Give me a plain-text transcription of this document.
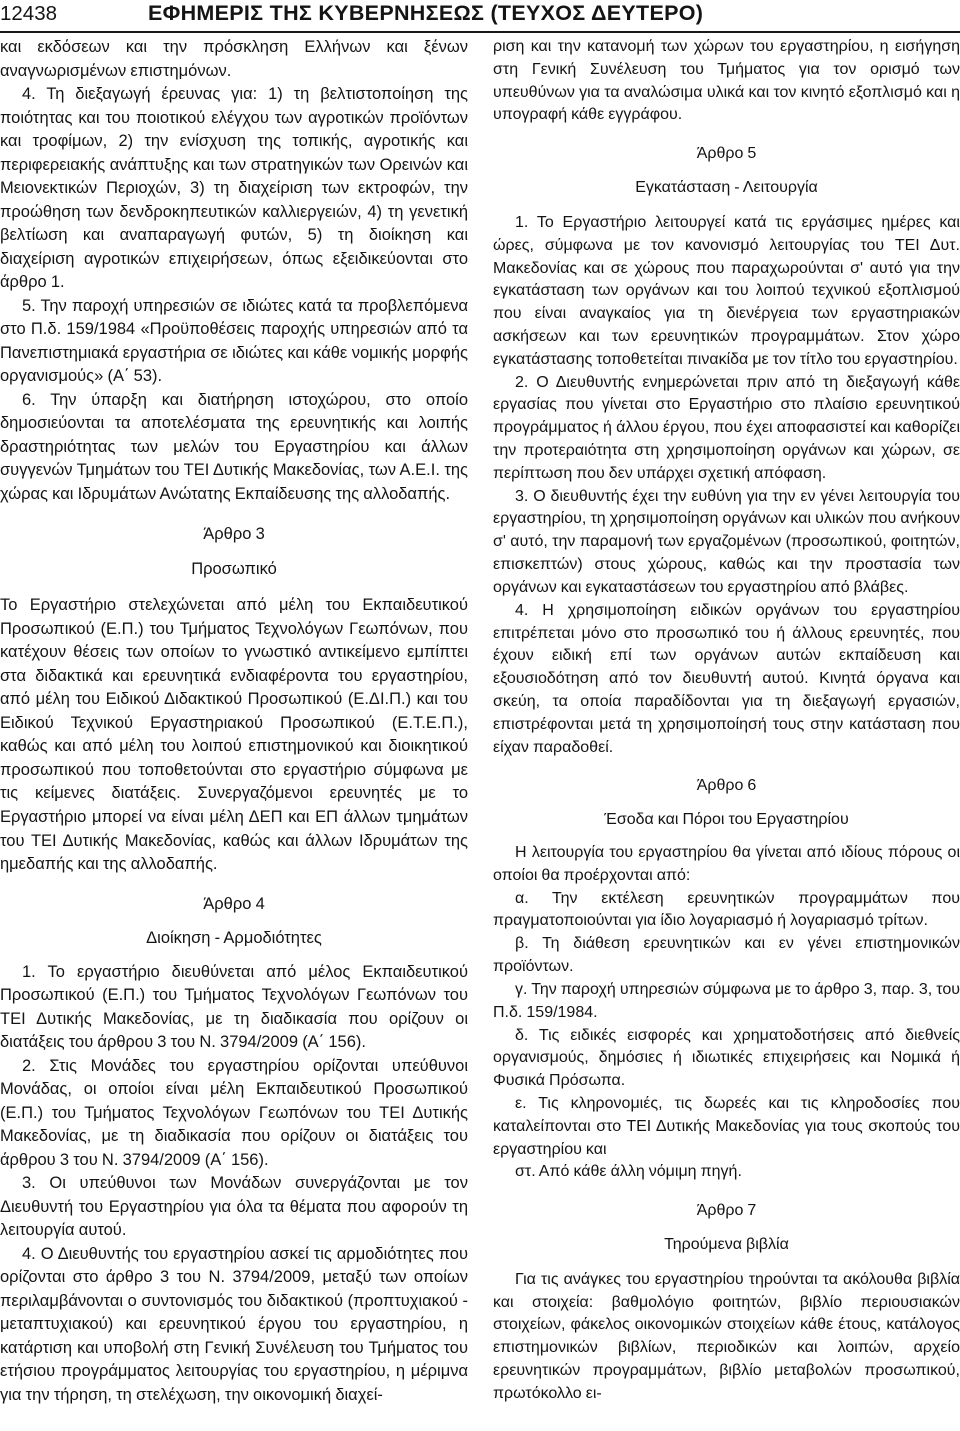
12438	ΕΦΗΜΕΡΙΣ ΤΗΣ ΚΥΒΕΡΝΗΣΕΩΣ (ΤΕΥΧΟΣ ΔΕΥΤΕΡΟ)

και εκδόσεων και την πρόσκληση Ελλήνων και ξένων αναγνωρισμένων επιστημόνων.

4. Τη διεξαγωγή έρευνας για: 1) τη βελτιστοποίηση της ποιότητας και του ποιοτικού ελέγχου των αγροτικών προϊόντων και τροφίμων, 2) την ενίσχυση της τοπικής, αγροτικής και περιφερειακής ανάπτυξης και των στρατηγικών των Ορεινών και Μειονεκτικών Περιοχών, 3) τη διαχείριση των εκτροφών, την προώθηση των δενδροκηπευτικών καλλιεργειών, 4) τη γενετική βελτίωση και αναπαραγωγή φυτών, 5) τη διοίκηση και διαχείριση αγροτικών επιχειρήσεων, όπως εξειδικεύονται στο άρθρο 1.

5. Την παροχή υπηρεσιών σε ιδιώτες κατά τα προβλεπόμενα στο Π.δ. 159/1984 «Προϋποθέσεις παροχής υπηρεσιών από τα Πανεπιστημιακά εργαστήρια σε ιδιώτες και κάθε νομικής μορφής οργανισμούς» (Α΄ 53).

6. Την ύπαρξη και διατήρηση ιστοχώρου, στο οποίο δημοσιεύονται τα αποτελέσματα της ερευνητικής και λοιπής δραστηριότητας των μελών του Εργαστηρίου και άλλων συγγενών Τμημάτων του ΤΕΙ Δυτικής Μακεδονίας, των Α.Ε.Ι. της χώρας και Ιδρυμάτων Ανώτατης Εκπαίδευσης της αλλοδαπής.

Άρθρο 3

Προσωπικό

Το Εργαστήριο στελεχώνεται από μέλη του Εκπαιδευτικού Προσωπικού (Ε.Π.) του Τμήματος Τεχνολόγων Γεωπόνων, που κατέχουν θέσεις των οποίων το γνωστικό αντικείμενο εμπίπτει στα διδακτικά και ερευνητικά ενδιαφέροντα του εργαστηρίου, από μέλη του Ειδικού Διδακτικού Προσωπικού (Ε.ΔΙ.Π.) και του Ειδικού Τεχνικού Εργαστηριακού Προσωπικού (Ε.Τ.Ε.Π.), καθώς και από μέλη του λοιπού επιστημονικού και διοικητικού προσωπικού που τοποθετούνται στο εργαστήριο σύμφωνα με τις κείμενες διατάξεις. Συνεργαζόμενοι ερευνητές με το Εργαστήριο μπορεί να είναι μέλη ΔΕΠ και ΕΠ άλλων τμημάτων του ΤΕΙ Δυτικής Μακεδονίας, καθώς και άλλων Ιδρυμάτων της ημεδαπής και της αλλοδαπής.

Άρθρο 4

Διοίκηση - Αρμοδιότητες

1. Το εργαστήριο διευθύνεται από μέλος Εκπαιδευτικού Προσωπικού (Ε.Π.) του Τμήματος Τεχνολόγων Γεωπόνων του ΤΕΙ Δυτικής Μακεδονίας, με τη διαδικασία που ορίζουν οι διατάξεις του άρθρου 3 του Ν. 3794/2009 (Α΄ 156).

2. Στις Μονάδες του εργαστηρίου ορίζονται υπεύθυνοι Μονάδας, οι οποίοι είναι μέλη Εκπαιδευτικού Προσωπικού (Ε.Π.) του Τμήματος Τεχνολόγων Γεωπόνων του ΤΕΙ Δυτικής Μακεδονίας, με τη διαδικασία που ορίζουν οι διατάξεις του άρθρου 3 του Ν. 3794/2009 (Α΄ 156).

3. Οι υπεύθυνοι των Μονάδων συνεργάζονται με τον Διευθυντή του Εργαστηρίου για όλα τα θέματα που αφορούν τη λειτουργία αυτού.

4. Ο Διευθυντής του εργαστηρίου ασκεί τις αρμοδιότητες που ορίζονται στο άρθρο 3 του Ν. 3794/2009, μεταξύ των οποίων περιλαμβάνονται ο συντονισμός του διδακτικού (προπτυχιακού - μεταπτυχιακού) και ερευνητικού έργου του εργαστηρίου, η κατάρτιση και υποβολή στη Γενική Συνέλευση του Τμήματος του ετήσιου προγράμματος λειτουργίας του εργαστηρίου, η μέριμνα για την τήρηση, τη στελέχωση, την οικονομική διαχεί-

ριση και την κατανομή των χώρων του εργαστηρίου, η εισήγηση στη Γενική Συνέλευση του Τμήματος για τον ορισμό των υπευθύνων για τα αναλώσιμα υλικά και τον κινητό εξοπλισμό και η υπογραφή κάθε εγγράφου.

Άρθρο 5

Εγκατάσταση - Λειτουργία

1. Το Εργαστήριο λειτουργεί κατά τις εργάσιμες ημέρες και ώρες, σύμφωνα με τον κανονισμό λειτουργίας του ΤΕΙ Δυτ. Μακεδονίας και σε χώρους που παραχωρούνται σ' αυτό για την εγκατάσταση των οργάνων και του λοιπού τεχνικού εξοπλισμού που είναι αναγκαίος για τη διενέργεια των εργαστηριακών ασκήσεων και των ερευνητικών προγραμμάτων. Στον χώρο εγκατάστασης τοποθετείται πινακίδα με τον τίτλο του εργαστηρίου.

2. Ο Διευθυντής ενημερώνεται πριν από τη διεξαγωγή κάθε εργασίας που γίνεται στο Εργαστήριο στο πλαίσιο ερευνητικού προγράμματος ή άλλου έργου, που έχει αποφασιστεί και καθορίζει την προτεραιότητα στη χρησιμοποίηση οργάνων και χώρων, σε περίπτωση που δεν υπάρχει σχετική απόφαση.

3. Ο διευθυντής έχει την ευθύνη για την εν γένει λειτουργία του εργαστηρίου, τη χρησιμοποίηση οργάνων και υλικών που ανήκουν σ' αυτό, την παραμονή των εργαζομένων (προσωπικού, φοιτητών, επισκεπτών) στους χώρους, καθώς και την προστασία των οργάνων και εγκαταστάσεων του εργαστηρίου από βλάβες.

4. Η χρησιμοποίηση ειδικών οργάνων του εργαστηρίου επιτρέπεται μόνο στο προσωπικό του ή άλλους ερευνητές, που έχουν ειδική επί των οργάνων αυτών εκπαίδευση και εξουσιοδότηση από τον διευθυντή αυτού. Κινητά όργανα και σκεύη, τα οποία παραδίδονται για τη διεξαγωγή εργασιών, επιστρέφονται μετά τη χρησιμοποίησή τους στην κατάσταση που είχαν παραδοθεί.

Άρθρο 6

Έσοδα και Πόροι του Εργαστηρίου

Η λειτουργία του εργαστηρίου θα γίνεται από ιδίους πόρους οι οποίοι θα προέρχονται από:

α. Την εκτέλεση ερευνητικών προγραμμάτων που πραγματοποιούνται για ίδιο λογαριασμό ή λογαριασμό τρίτων.

β. Τη διάθεση ερευνητικών και εν γένει επιστημονικών προϊόντων.

γ. Την παροχή υπηρεσιών σύμφωνα με το άρθρο 3, παρ. 3, του Π.δ. 159/1984.

δ. Τις ειδικές εισφορές και χρηματοδοτήσεις από διεθνείς οργανισμούς, δημόσιες ή ιδιωτικές επιχειρήσεις και Νομικά ή Φυσικά Πρόσωπα.

ε. Τις κληρονομιές, τις δωρεές και τις κληροδοσίες που καταλείπονται στο ΤΕΙ Δυτικής Μακεδονίας για τους σκοπούς του εργαστηρίου και

στ. Από κάθε άλλη νόμιμη πηγή.

Άρθρο 7

Τηρούμενα βιβλία

Για τις ανάγκες του εργαστηρίου τηρούνται τα ακόλουθα βιβλία και στοιχεία: βαθμολόγιο φοιτητών, βιβλίο περιουσιακών στοιχείων, φάκελος οικονομικών στοιχείων κάθε έτους, κατάλογος επιστημονικών βιβλίων, περιοδικών και λοιπών, αρχείο ερευνητικών προγραμμάτων, βιβλίο μεταβολών προσωπικού, πρωτόκολλο ει-
